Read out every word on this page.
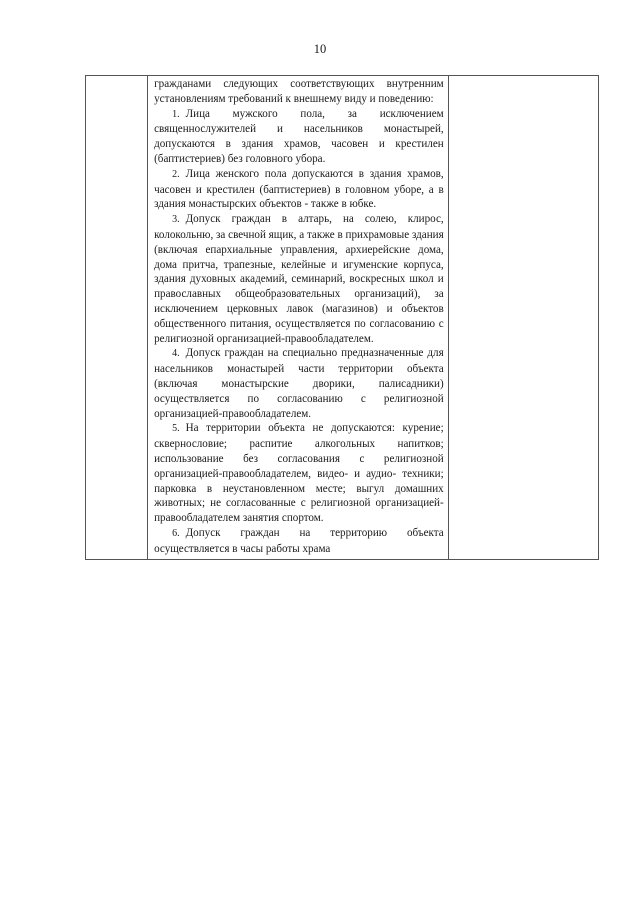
10

гражданами следующих соответствующих внутренним установлениям требований к внешнему виду и поведению:

1. Лица мужского пола, за исключением священнослужителей и насельников монастырей, допускаются в здания храмов, часовен и крестилен (баптистериев) без головного убора.

2. Лица женского пола допускаются в здания храмов, часовен и крестилен (баптистериев) в головном уборе, а в здания монастырских объектов - также в юбке.

3. Допуск граждан в алтарь, на солею, клирос, колокольню, за свечной ящик, а также в прихрамовые здания (включая епархиальные управления, архиерейские дома, дома притча, трапезные, келейные и игуменские корпуса, здания духовных академий, семинарий, воскресных школ и православных общеобразовательных организаций), за исключением церковных лавок (магазинов) и объектов общественного питания, осуществляется по согласованию с религиозной организацией-правообладателем.

4. Допуск граждан на специально предназначенные для насельников монастырей части территории объекта (включая монастырские дворики, палисадники) осуществляется по согласованию с религиозной организацией-правообладателем.

5. На территории объекта не допускаются: курение; сквернословие; распитие алкогольных напитков; использование без согласования с религиозной организацией-правообладателем, видео- и аудио- техники; парковка в неустановленном месте; выгул домашних животных; не согласованные с религиозной организацией-правообладателем занятия спортом.

6. Допуск граждан на территорию объекта осуществляется в часы работы храма
